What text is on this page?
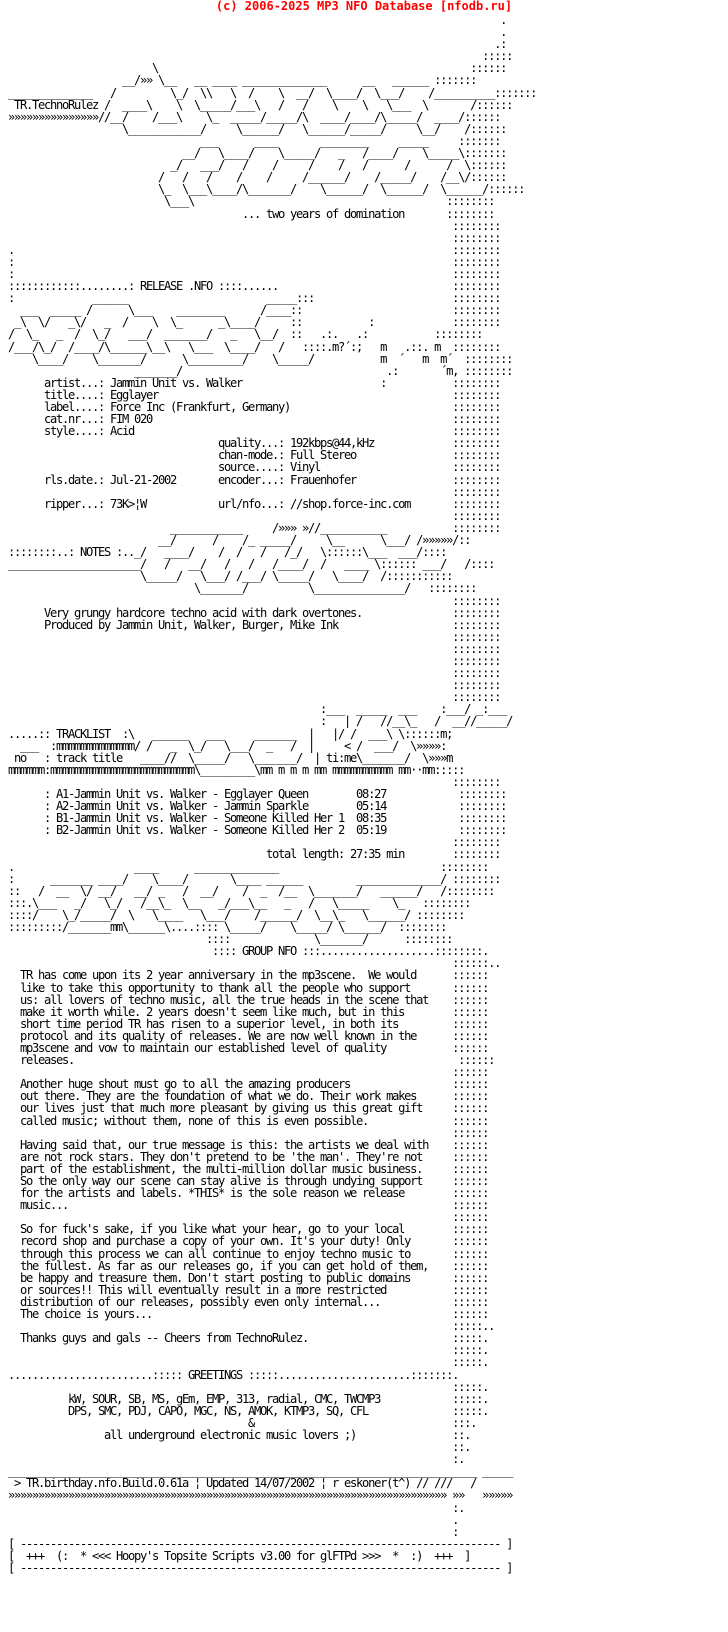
(c) 2006-2025 MP3 NFO Database [nfodb.ru]
.
.
.:
:::::
\                                                    ::::::
__/»» \__   __ ____ ______________      __   ______ :::::::
______________   /         \_/  \\   \  /    \  __/  \____/  \___/    /__________:::::::
TR.TechnoRulez /  ____\    \  \_____/___\   /   /    \    \   \___  \       /::::::
»»»»»»»»»»»»»»»//__/    /___\    \_  _____/_____/\  ____/____/\_____/  ____/::::::
\____________/     \______/   \______/_____/     \__/    /::::::
___      ____       ________     _____     :::::::
__/   \____/    \_____/   _   /____/    \_____\:::::::
_/   ___/   /    /     /    /   /      /      /  \::::::
/   /   /    /    /     /______/    /_____/    /__\/::::::
\_  \___\____/\_______/    \______/  \______/  \______/::::::
\___\                                          ::::::::
... two years of domination       ::::::::
::::::::
::::::::
.                                                                         ::::::::
:                                                                         ::::::::
:                                                                         ::::::::
::::::::::::........: RELEASE .NFO ::::......                             ::::::::
:             ______                       _____:::                       ::::::::
___  _____ /      \___    ________      /____::                         ::::::::
_\  \/   _\/   _  /    \  \_      _\____/     ::           :             ::::::::
/  \_   _  /  \_/   ___/  _______/   _   \__/  ::   .:.   .:           ::::::::
/___/\_/  /____/\______\__\   \___  \____/   /   ::::.m?´:;   m   .::. m  ::::::::
\____/    \_______/      \_________/    \_____/           m  ´   m  m´  ::::::::
_______/                                  .:       ´m, ::::::::
artist...: Jammin Unit vs. Walker                       :           ::::::::
title....: Egglayer                                                 ::::::::
label....: Force Inc (Frankfurt, Germany)                           ::::::::
cat.nr...: FIM 020                                                  ::::::::
style....: Acid                                                     ::::::::
quality...: 192kbps@44,kHz             ::::::::
chan-mode.: Full Stereo                ::::::::
source....: Vinyl                      ::::::::
rls.date.: Jul-21-2002       encoder...: Frauenhofer                ::::::::
::::::::
ripper...: 73K>¦W            url/nfo...: //shop.force-inc.com       ::::::::
::::::::
____________     /»»» »//___________           ::::::::
__/      /    /_ _____/     \__      \___/ /»»»»»/::
::::::::..: NOTES :.._/   ____/    /  /   /   /_/   \::::::\___  ___/::::
______________________/   /   __/   /   /   /____/  /   ____ \:::::: ___/   /::::
\_____/   \___/ /___/ \_____/   \____/  /:::::::::::
\_______/          \_______________/   ::::::::
::::::::
Very grungy hardcore techno acid with dark overtones.               ::::::::
Produced by Jammin Unit, Walker, Burger, Mike Ink                   ::::::::
::::::::
::::::::
::::::::
::::::::
::::::::
::::::::
:___  _____  ___    :___/ _:___
:   | /   //__\_   /  __//_____/
.....:: TRACKLIST  :\   ______   ___     _______  |   |/ /  ___\ \::::::m;
___  :mmmmmmmmmmmmm/ /   _  \_/   \___/  _   /  |     < /  ___/  \»»»»:
no   : track title   ____//  \_____/   \_______/  | ti:me\_______/  \»»»m
mmmmmm:mmmmmmmmmmmmmmmmmmmmmmmm\_________\mm m m m mm mmmmmmmmmm mm··mm:::::
::::::::
: A1-Jammin Unit vs. Walker - Egglayer Queen        08:27            ::::::::
: A2-Jammin Unit vs. Walker - Jammin Sparkle        05:14            ::::::::
: B1-Jammin Unit vs. Walker - Someone Killed Her 1  08:35            ::::::::
: B2-Jammin Unit vs. Walker - Someone Killed Her 2  05:19            ::::::::
::::::::
total length: 27:35 min        ::::::::
.                    ____      ______________                           ::::::::
:      _______ ____/    \____/       \____ ______         ______________/ ::::::::
::   /  __  \/ __/   __/ _   /  __/    /  _  /__  \_______/   ______/   /::::::::
:::.\___   _/   \_/   /__\_  \__   _/___\__   _   /   \_____    \_   ::::::::
::::/    \_/_____/  \   \____   \___/    /______/  \__\_   \______/ ::::::::
:::::::::/_______mm\______\....:::: \_____/    \_____/ \______/  ::::::::
::::              \_______/      ::::::::
:::: GROUP NFO :::...................::::::::.
::::::..
TR has come upon its 2 year anniversary in the mp3scene.  We would      ::::::
like to take this opportunity to thank all the people who support       ::::::
us: all lovers of techno music, all the true heads in the scene that    ::::::
make it worth while. 2 years doesn't seem like much, but in this        ::::::
short time period TR has risen to a superior level, in both its         ::::::
protocol and its quality of releases. We are now well known in the      ::::::
mp3scene and vow to maintain our established level of quality           ::::::
releases.                                                                ::::::
::::::
Another huge shout must go to all the amazing producers                 ::::::
out there. They are the foundation of what we do. Their work makes      ::::::
our lives just that much more pleasant by giving us this great gift     ::::::
called music; without them, none of this is even possible.              ::::::
::::::
Having said that, our true message is this: the artists we deal with    ::::::
are not rock stars. They don't pretend to be 'the man'. They're not     ::::::
part of the establishment, the multi-million dollar music business.     ::::::
So the only way our scene can stay alive is through undying support     ::::::
for the artists and labels. *THIS* is the sole reason we release        ::::::
music...                                                                ::::::
::::::
So for fuck's sake, if you like what your hear, go to your local        ::::::
record shop and purchase a copy of your own. It's your duty! Only       ::::::
through this process we can all continue to enjoy techno music to       ::::::
the fullest. As far as our releases go, if you can get hold of them,    ::::::
be happy and treasure them. Don't start posting to public domains       ::::::
or sources!! This will eventually result in a more restricted           ::::::
distribution of our releases, possibly even only internal...            ::::::
The choice is yours...                                                  ::::::
:::::..
Thanks guys and gals -- Cheers from TechnoRulez.                        :::::.
:::::.
:::::.
........................::::: GREETINGS :::::......................:::::::.
:::::.
kW, SOUR, SB, MS, gEm, EMP, 313, radial, CMC, TWCMP3            :::::.
DPS, SMC, PDJ, CAPO, MGC, NS, AMOK, KTMP3, SQ, CFL              :::::.
&                                 :::.
all underground electronic music lovers ;)                ::.
::.
:.
______________________________________________________________________________ _____
> TR.birthday.nfo.Build.0.61a ¦ Updated 14/07/2002 ¦ r eskoner(t^) // ///   /
»»»»»»»»»»»»»»»»»»»»»»»»»»»»»»»»»»»»»»»»»»»»»»»»»»»»»»»»»»»»»»»»»»»»»»»»» »»   »»»»»
:.
.
:
[ -------------------------------------------------------------------------------- ]
[  +++  (:  * <<< Hoopy's Topsite Scripts v3.00 for glFTPd >>>  *  :)  +++  ]
[ -------------------------------------------------------------------------------- ]
